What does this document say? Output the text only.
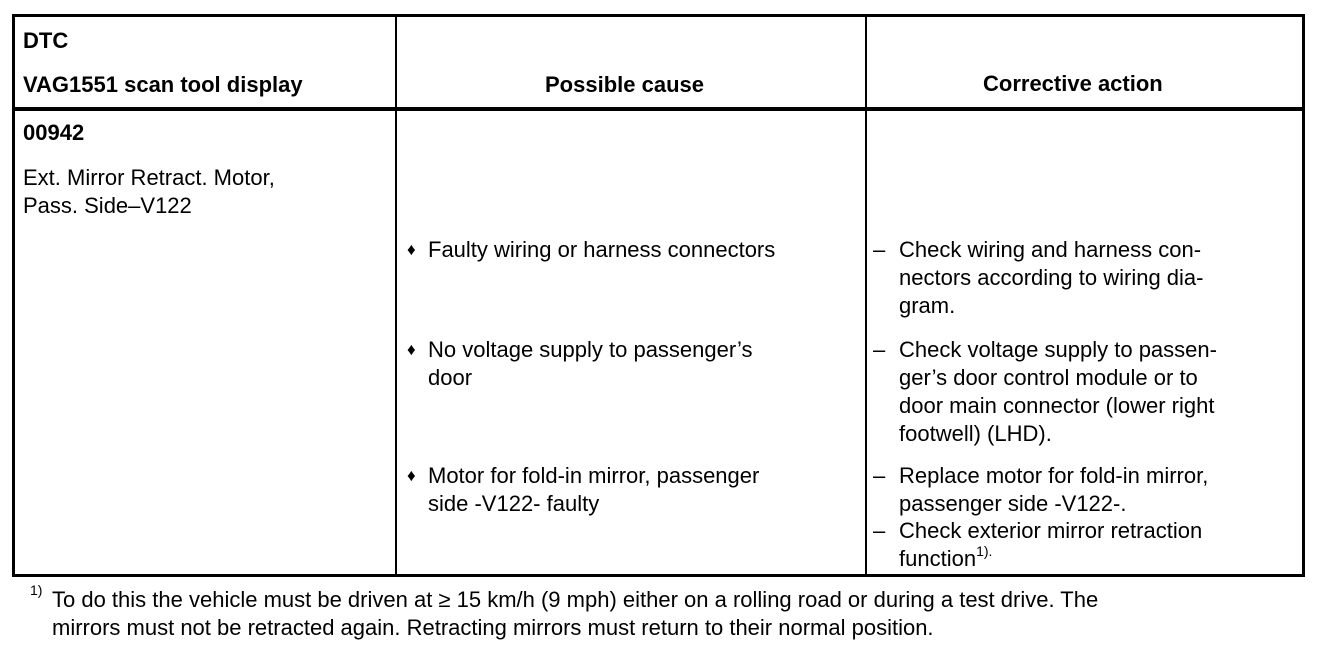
DTC
VAG1551 scan tool display	Possible cause	Corrective action
00942
Ext. Mirror Retract. Motor,
Pass. Side–V122
♦ Faulty wiring or harness connectors
♦ No voltage supply to passenger’s
door
♦ Motor for fold-in mirror, passenger
side -V122- faulty
– Check wiring and harness con-
nectors according to wiring dia-
gram.
– Check voltage supply to passen-
ger’s door control module or to
door main connector (lower right
footwell) (LHD).
– Replace motor for fold-in mirror,
passenger side -V122-.
– Check exterior mirror retraction
function$^{1).}$
1) To do this the vehicle must be driven at ≥ 15 km/h (9 mph) either on a rolling road or during a test drive. The
mirrors must not be retracted again. Retracting mirrors must return to their normal position.
